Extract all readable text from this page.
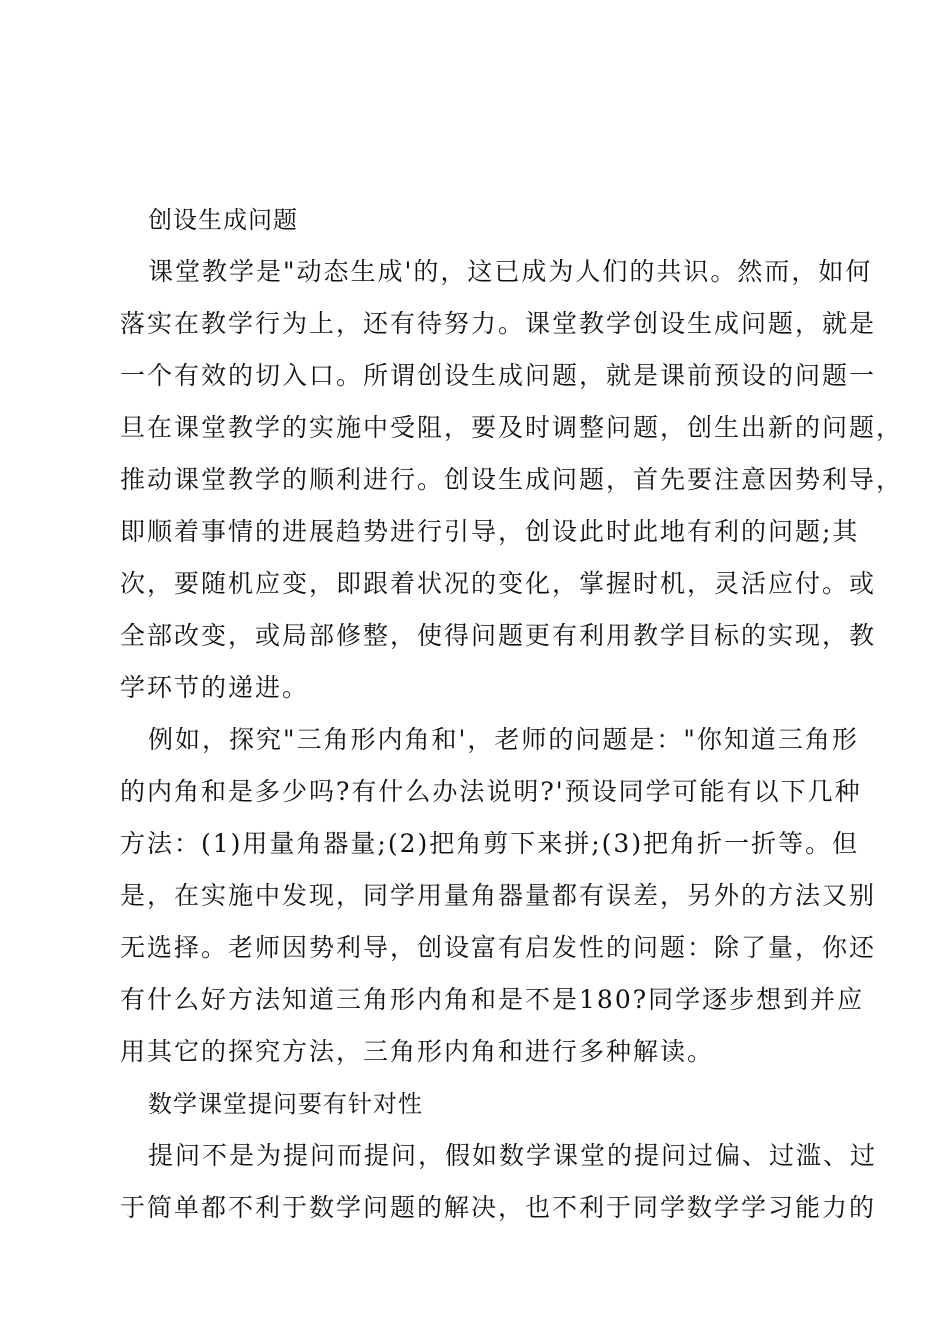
创设生成问题
课堂教学是"动态生成'的，这已成为人们的共识。然而，如何
落实在教学行为上，还有待努力。课堂教学创设生成问题，就是
一个有效的切入口。所谓创设生成问题，就是课前预设的问题一
旦在课堂教学的实施中受阻，要及时调整问题，创生出新的问题，
推动课堂教学的顺利进行。创设生成问题，首先要注意因势利导，
即顺着事情的进展趋势进行引导，创设此时此地有利的问题;其
次，要随机应变，即跟着状况的变化，掌握时机，灵活应付。或
全部改变，或局部修整，使得问题更有利用教学目标的实现，教
学环节的递进。
例如，探究"三角形内角和'，老师的问题是："你知道三角形
的内角和是多少吗?有什么办法说明?'预设同学可能有以下几种
方法：(1)用量角器量;(2)把角剪下来拼;(3)把角折一折等。但
是，在实施中发现，同学用量角器量都有误差，另外的方法又别
无选择。老师因势利导，创设富有启发性的问题：除了量，你还
有什么好方法知道三角形内角和是不是180?同学逐步想到并应
用其它的探究方法，三角形内角和进行多种解读。
数学课堂提问要有针对性
提问不是为提问而提问，假如数学课堂的提问过偏、过滥、过
于简单都不利于数学问题的解决，也不利于同学数学学习能力的
